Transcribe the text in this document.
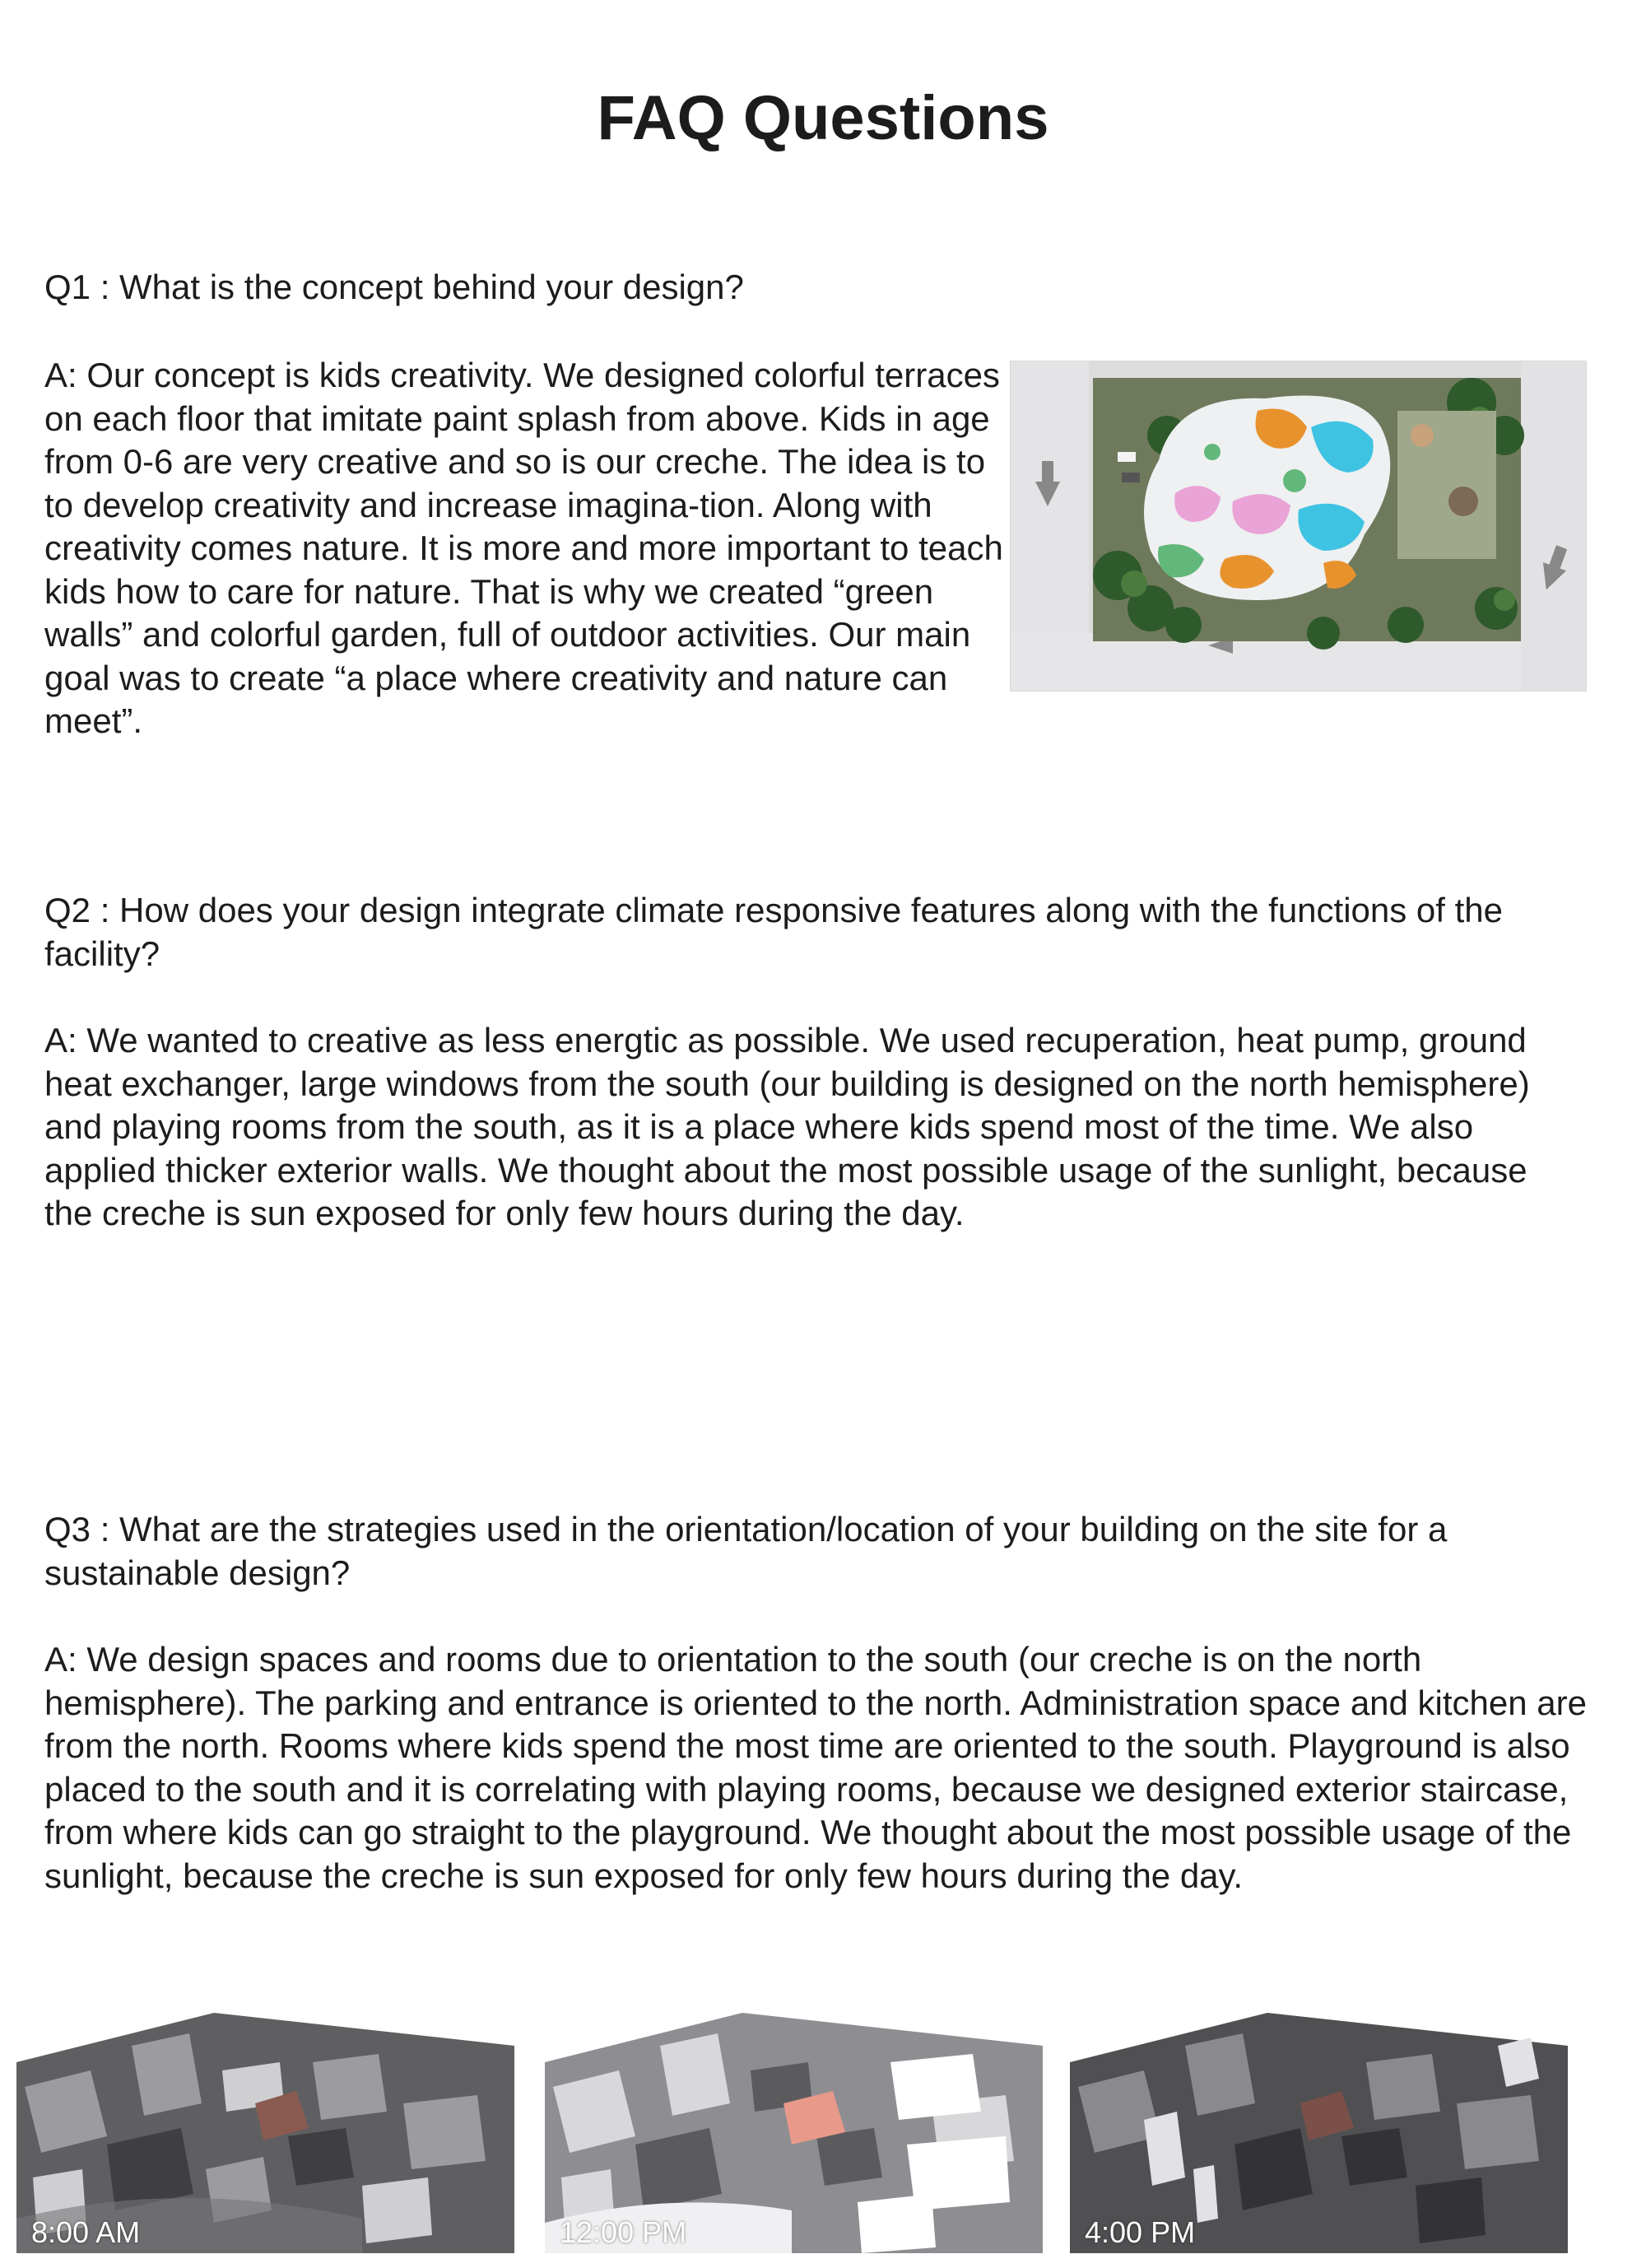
FAQ Questions

Q1 : What is the concept behind your design?

A: Our concept is kids creativity. We designed colorful terraces on each floor that imitate paint splash from above. Kids in age from 0-6 are very creative and so is our creche. The idea is to to develop creativity and increase imagina-tion. Along with creativity comes nature. It is more and more important to teach kids how to care for nature. That is why we created “green walls” and colorful garden, full of outdoor activities. Our main goal was to create “a place where creativity and nature can meet”.

Q2 : How does your design integrate climate responsive features along with the functions of the facility?

A: We wanted to creative as less energtic as possible. We used recuperation, heat pump, ground heat exchanger, large windows from the south (our building is designed on the north hemisphere) and playing rooms from the south, as it is a place where kids spend most of the time. We also applied thicker exterior walls. We thought about the most possible usage of the sunlight, because the creche is sun exposed for only few hours during the day.

Q3 : What are the strategies used in the orientation/location of your building on the site for a sustainable design?

A: We design spaces and rooms due to orientation to the south (our creche is on the north hemisphere). The parking and entrance is oriented to the north. Administration space and kitchen are from the north. Rooms where kids spend the most time are oriented to the south. Playground is also placed to the south and it is correlating with playing rooms, because we designed exterior staircase, from where kids can go straight to the playground. We thought about the most possible usage of the sunlight, because the creche is sun exposed for only few hours during the day.

8:00 AM	12:00 PM	4:00 PM
